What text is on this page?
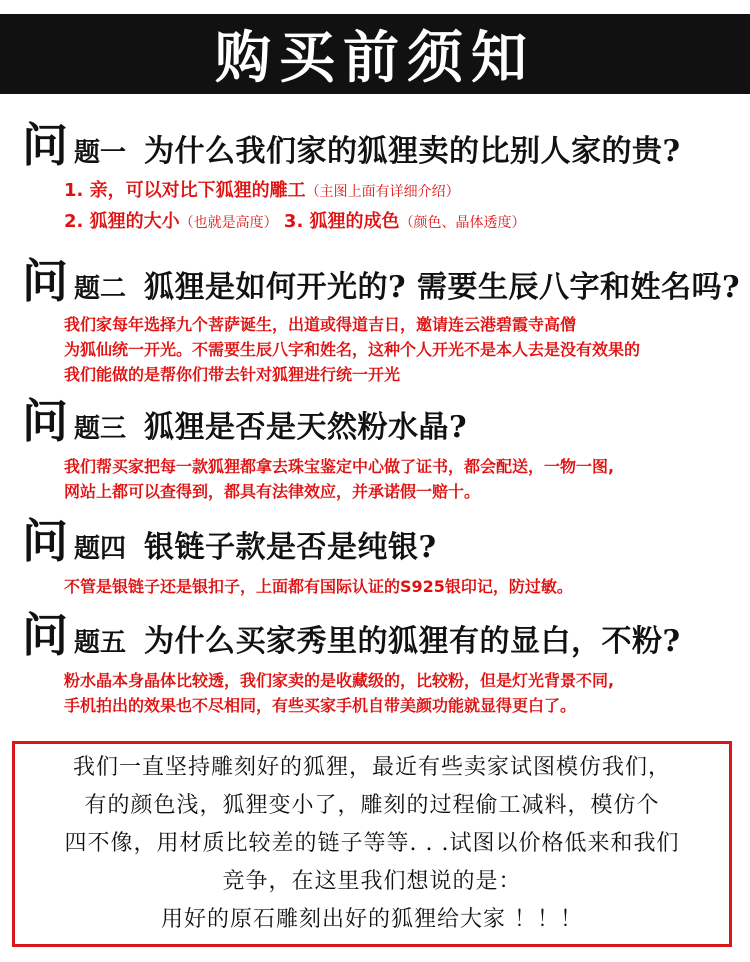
购买前须知
问 题一 为什么我们家的狐狸卖的比别人家的贵?
1. 亲，可以对比下狐狸的雕工（主图上面有详细介绍）
2. 狐狸的大小（也就是高度） 3. 狐狸的成色（颜色、晶体透度）
问 题二 狐狸是如何开光的? 需要生辰八字和姓名吗?
我们家每年选择九个菩萨诞生，出道或得道吉日，邀请连云港碧霞寺高僧
为狐仙统一开光。不需要生辰八字和姓名，这种个人开光不是本人去是没有效果的
我们能做的是帮你们带去针对狐狸进行统一开光
问 题三 狐狸是否是天然粉水晶?
我们帮买家把每一款狐狸都拿去珠宝鉴定中心做了证书，都会配送，一物一图,
网站上都可以查得到，都具有法律效应，并承诺假一赔十。
问 题四 银链子款是否是纯银?
不管是银链子还是银扣子，上面都有国际认证的S925银印记，防过敏。
问 题五 为什么买家秀里的狐狸有的显白，不粉?
粉水晶本身晶体比较透，我们家卖的是收藏级的，比较粉，但是灯光背景不同,
手机拍出的效果也不尽相同，有些买家手机自带美颜功能就显得更白了。
我们一直坚持雕刻好的狐狸，最近有些卖家试图模仿我们，
有的颜色浅，狐狸变小了，雕刻的过程偷工减料，模仿个
四不像，用材质比较差的链子等等. . .试图以价格低来和我们
竞争，在这里我们想说的是：
用好的原石雕刻出好的狐狸给大家 ！！！
